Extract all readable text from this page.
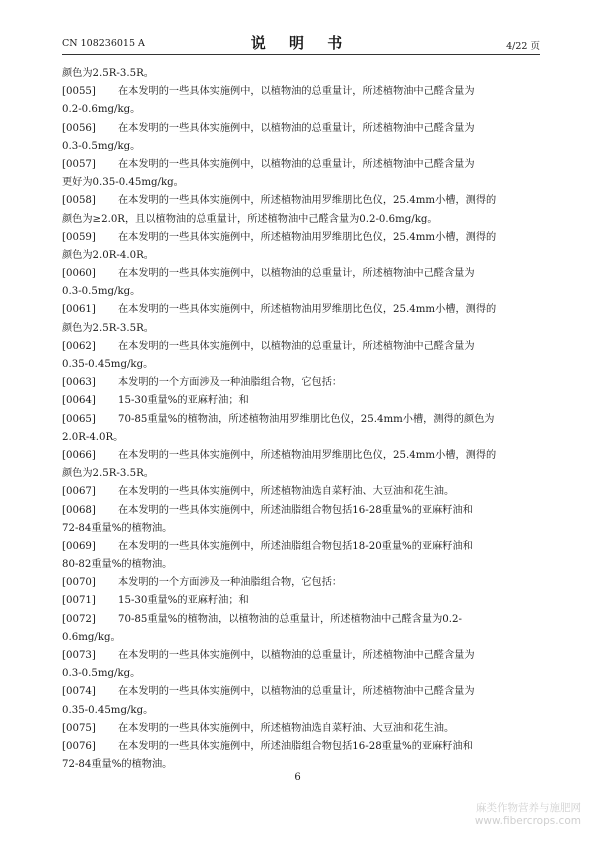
CN 108236015 A	说 明 书	4/22 页
颜色为2.5R-3.5R。
[0055] 在本发明的一些具体实施例中，以植物油的总重量计，所述植物油中己醛含量为
0.2-0.6mg/kg。
[0056] 在本发明的一些具体实施例中，以植物油的总重量计，所述植物油中己醛含量为
0.3-0.5mg/kg。
[0057] 在本发明的一些具体实施例中，以植物油的总重量计，所述植物油中己醛含量为
更好为0.35-0.45mg/kg。
[0058] 在本发明的一些具体实施例中，所述植物油用罗维朋比色仪，25.4mm小槽，测得的
颜色为≥2.0R，且以植物油的总重量计，所述植物油中己醛含量为0.2-0.6mg/kg。
[0059] 在本发明的一些具体实施例中，所述植物油用罗维朋比色仪，25.4mm小槽，测得的
颜色为2.0R-4.0R。
[0060] 在本发明的一些具体实施例中，以植物油的总重量计，所述植物油中己醛含量为
0.3-0.5mg/kg。
[0061] 在本发明的一些具体实施例中，所述植物油用罗维朋比色仪，25.4mm小槽，测得的
颜色为2.5R-3.5R。
[0062] 在本发明的一些具体实施例中，以植物油的总重量计，所述植物油中己醛含量为
0.35-0.45mg/kg。
[0063] 本发明的一个方面涉及一种油脂组合物，它包括：
[0064] 15-30重量%的亚麻籽油；和
[0065] 70-85重量%的植物油，所述植物油用罗维朋比色仪，25.4mm小槽，测得的颜色为
2.0R-4.0R。
[0066] 在本发明的一些具体实施例中，所述植物油用罗维朋比色仪，25.4mm小槽，测得的
颜色为2.5R-3.5R。
[0067] 在本发明的一些具体实施例中，所述植物油选自菜籽油、大豆油和花生油。
[0068] 在本发明的一些具体实施例中，所述油脂组合物包括16-28重量%的亚麻籽油和
72-84重量%的植物油。
[0069] 在本发明的一些具体实施例中，所述油脂组合物包括18-20重量%的亚麻籽油和
80-82重量%的植物油。
[0070] 本发明的一个方面涉及一种油脂组合物，它包括：
[0071] 15-30重量%的亚麻籽油；和
[0072] 70-85重量%的植物油，以植物油的总重量计，所述植物油中己醛含量为0.2-
0.6mg/kg。
[0073] 在本发明的一些具体实施例中，以植物油的总重量计，所述植物油中己醛含量为
0.3-0.5mg/kg。
[0074] 在本发明的一些具体实施例中，以植物油的总重量计，所述植物油中己醛含量为
0.35-0.45mg/kg。
[0075] 在本发明的一些具体实施例中，所述植物油选自菜籽油、大豆油和花生油。
[0076] 在本发明的一些具体实施例中，所述油脂组合物包括16-28重量%的亚麻籽油和
72-84重量%的植物油。
6
麻类作物营养与施肥网
www.fibercrops.com
